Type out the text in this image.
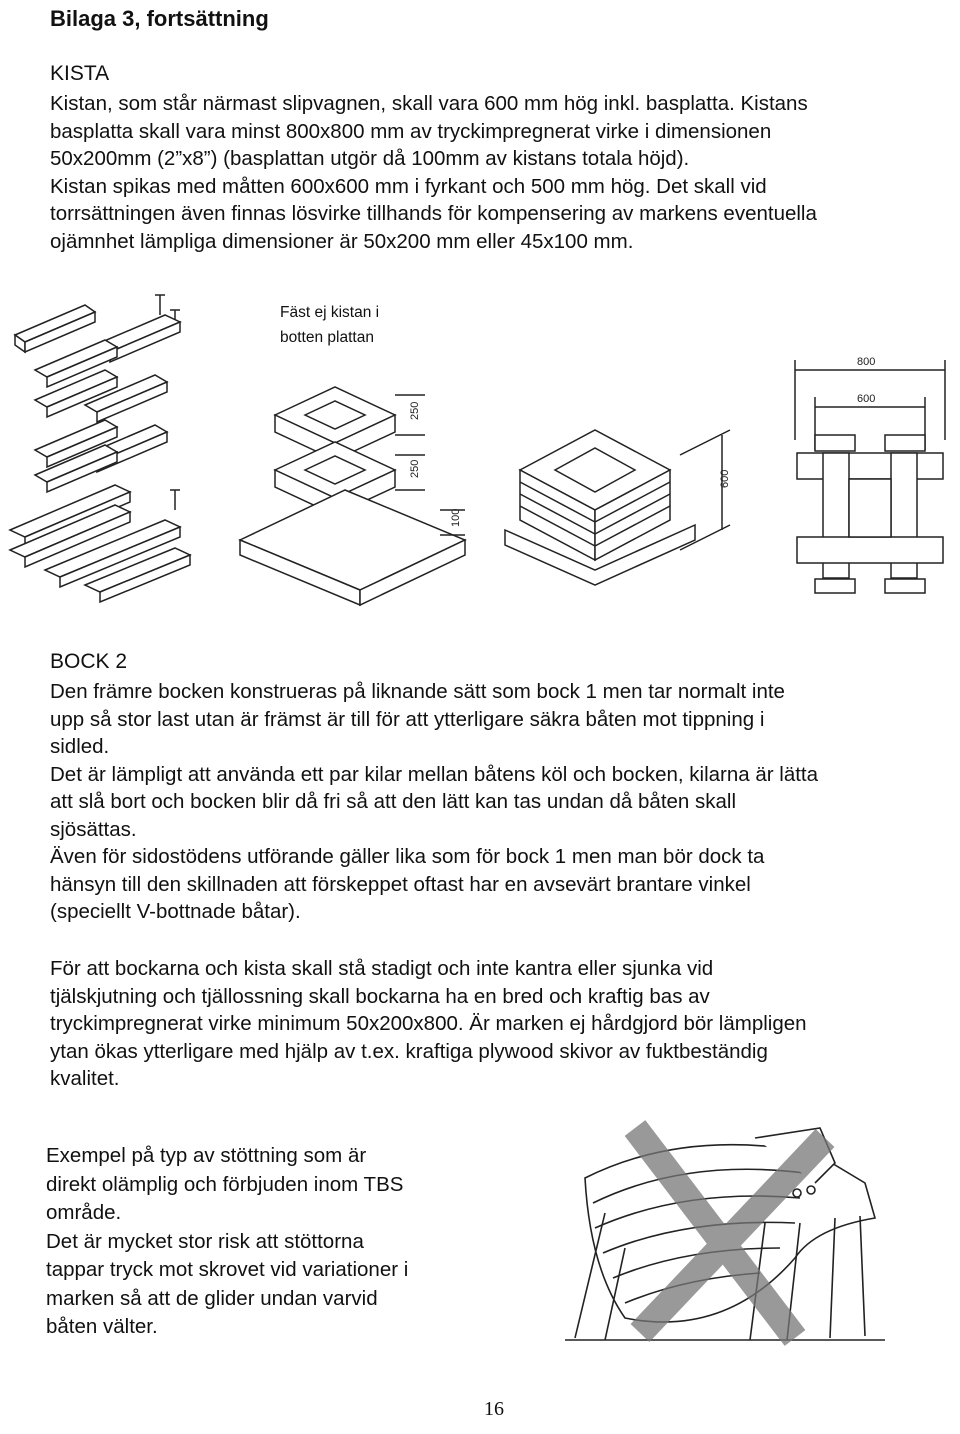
Bilaga 3, fortsättning
KISTA
Kistan, som står närmast slipvagnen, skall vara 600 mm hög inkl. basplatta. Kistans
basplatta skall vara minst 800x800 mm av tryckimpregnerat virke i dimensionen
50x200mm (2”x8”) (basplattan utgör då 100mm av kistans totala höjd).
Kistan spikas med måtten 600x600 mm i fyrkant och 500 mm hög. Det skall vid
torrsättningen även finnas lösvirke tillhands för kompensering av markens eventuella
ojämnhet lämpliga dimensioner är 50x200 mm eller 45x100 mm.
Fäst ej kistan i
botten plattan
250
250
100
600
800
600
BOCK 2
Den främre bocken konstrueras på liknande sätt som bock 1 men tar normalt inte
upp så stor last utan är främst är till för att ytterligare säkra båten mot tippning i
sidled.
Det är lämpligt att använda ett par kilar mellan båtens köl och bocken, kilarna är lätta
att slå bort och bocken blir då fri så att den lätt kan tas undan då båten skall
sjösättas.
Även för sidostödens utförande gäller lika som för bock 1 men man bör dock ta
hänsyn till den skillnaden att förskeppet oftast har en avsevärt brantare vinkel
(speciellt V-bottnade båtar).
För att bockarna och kista skall stå stadigt och inte kantra eller sjunka vid
tjälskjutning och tjällossning skall bockarna ha en bred och kraftig bas av
tryckimpregnerat virke minimum 50x200x800. Är marken ej hårdgjord bör lämpligen
ytan ökas ytterligare med hjälp av t.ex. kraftiga plywood skivor av fuktbeständig
kvalitet.
Exempel på typ av stöttning som är
direkt olämplig och förbjuden inom TBS
område.
Det är mycket stor risk att stöttorna
tappar tryck mot skrovet vid variationer i
marken så att de glider undan varvid
båten välter.
16
